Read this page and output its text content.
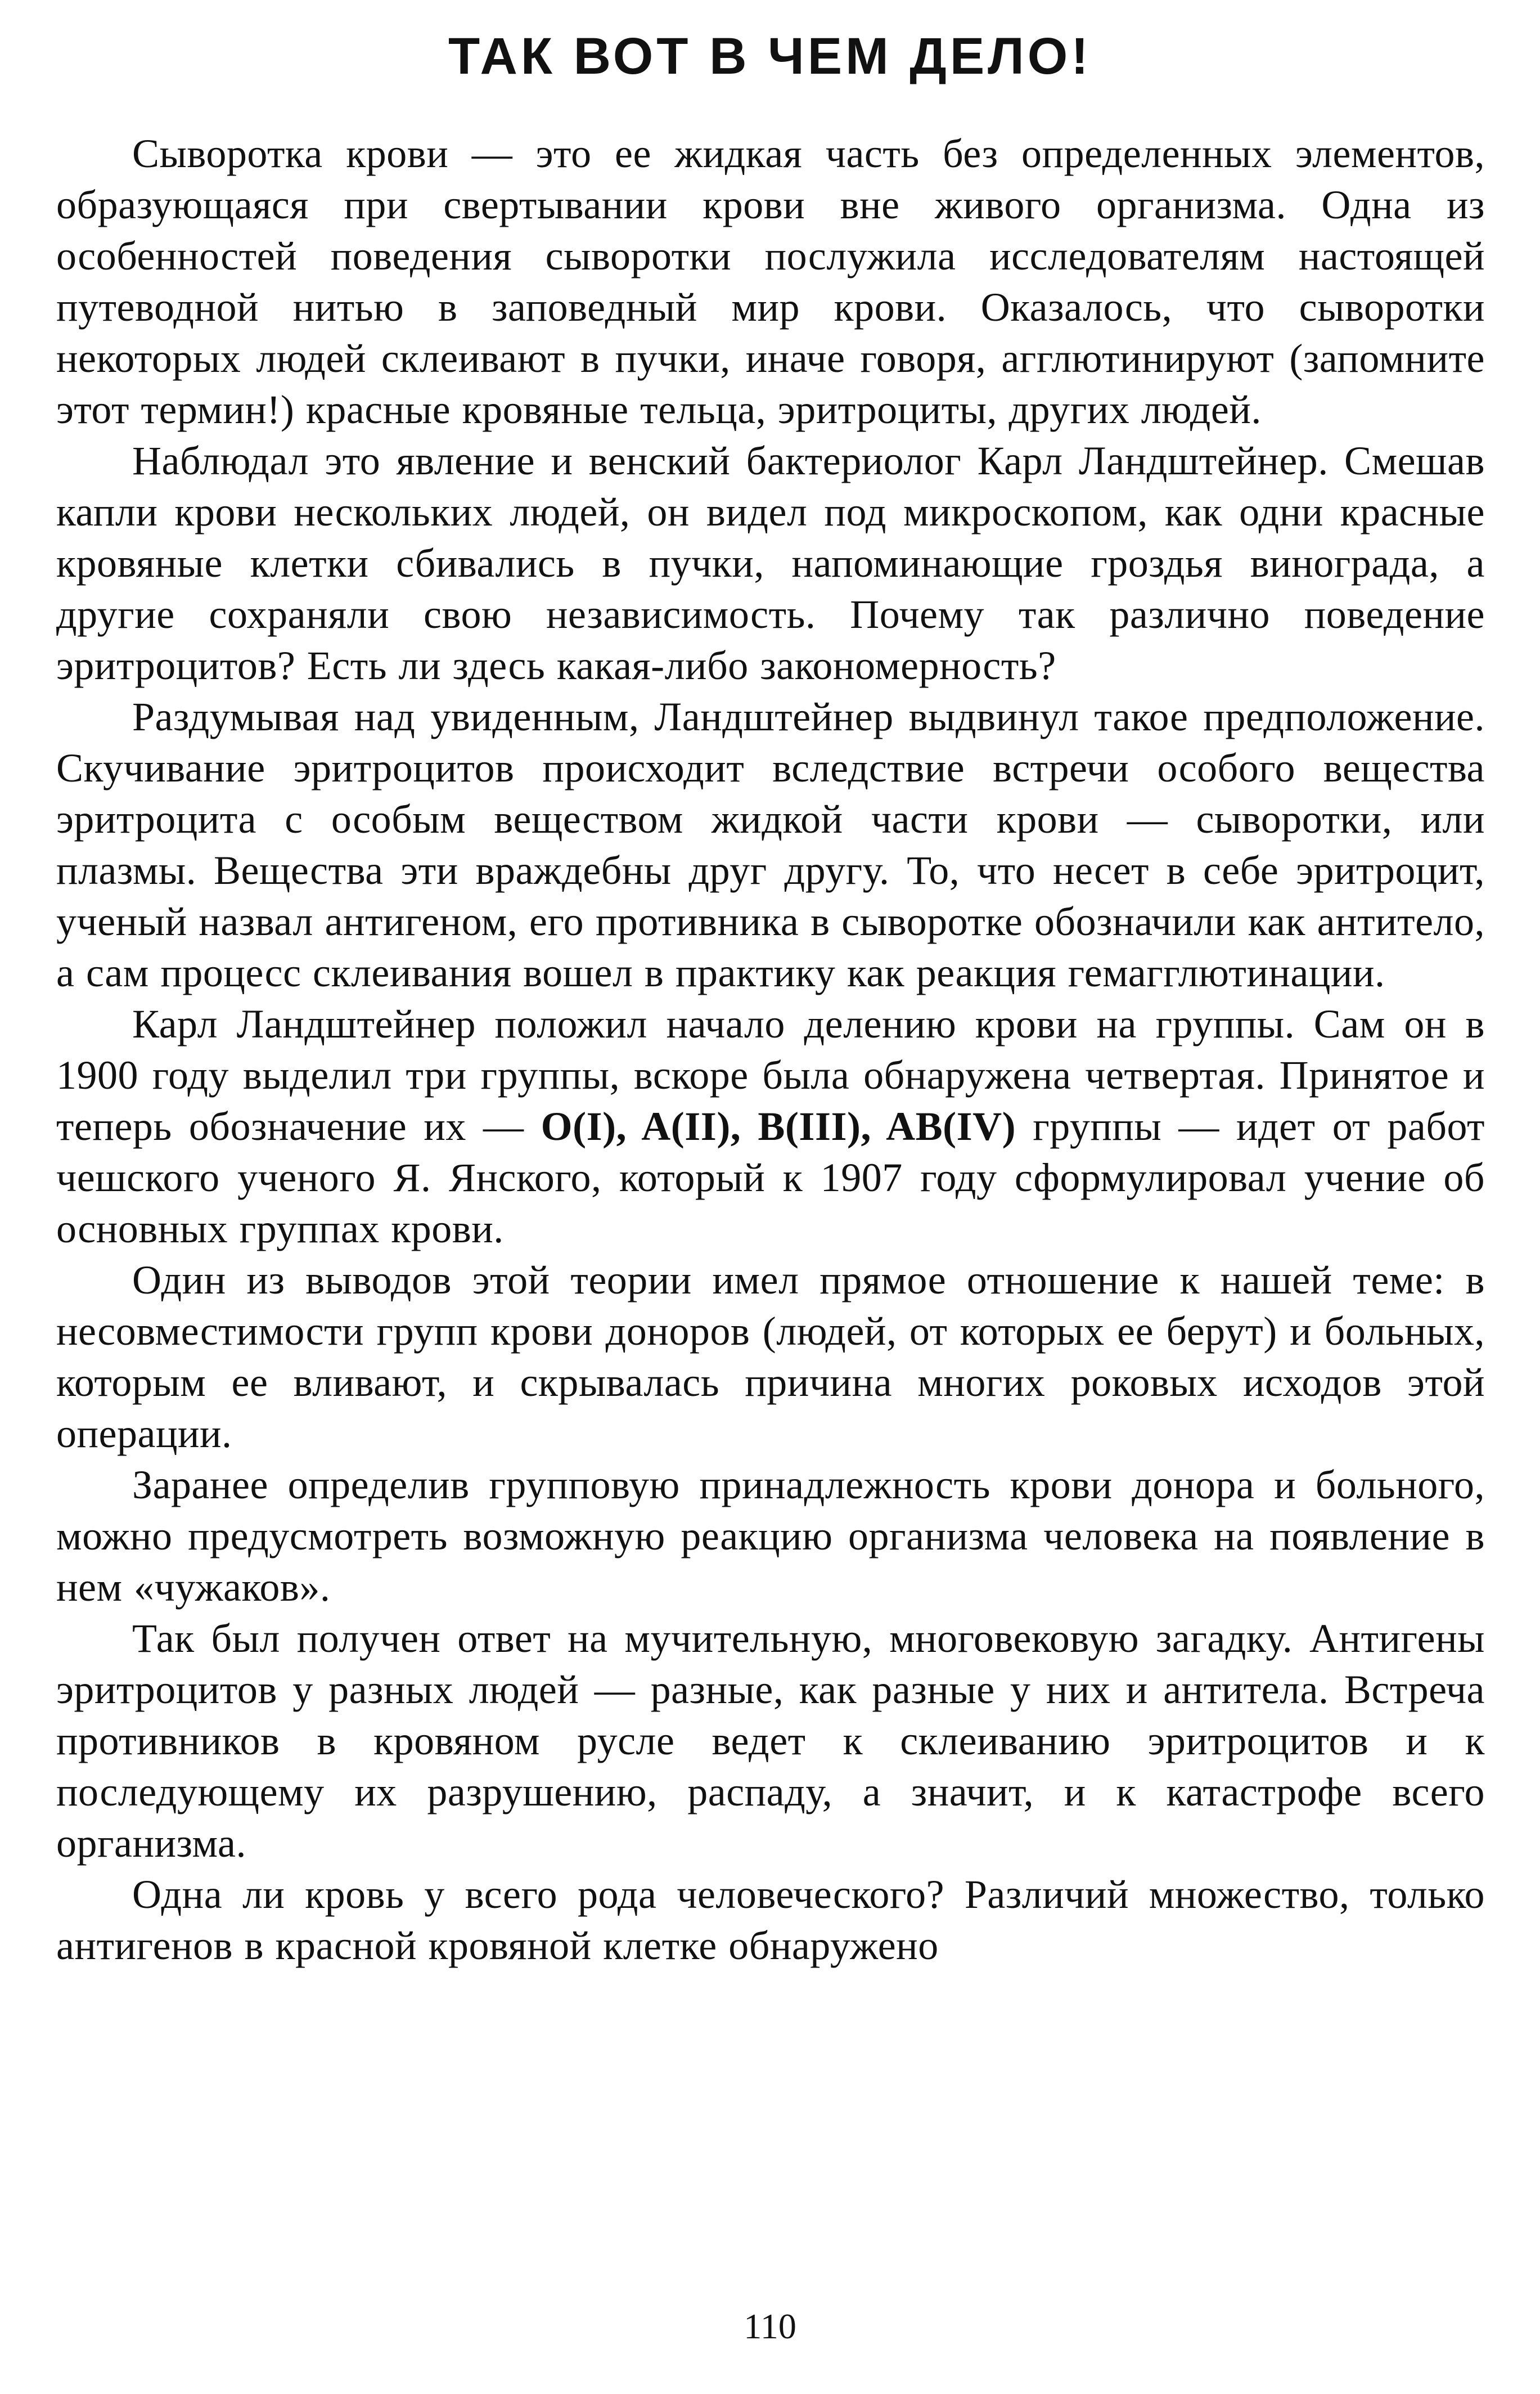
ТАК ВОТ В ЧЕМ ДЕЛО!

Сыворотка крови — это ее жидкая часть без определенных элементов, образующаяся при свертывании крови вне живого организма. Одна из особенностей поведения сыворотки послужила исследователям настоящей путеводной нитью в заповедный мир крови. Оказалось, что сыворотки некоторых людей склеивают в пучки, иначе говоря, агглютинируют (запомните этот термин!) красные кровяные тельца, эритроциты, других людей.

Наблюдал это явление и венский бактериолог Карл Ландштейнер. Смешав капли крови нескольких людей, он видел под микроскопом, как одни красные кровяные клетки сбивались в пучки, напоминающие гроздья винограда, а другие сохраняли свою независимость. Почему так различно поведение эритроцитов? Есть ли здесь какая-либо закономерность?

Раздумывая над увиденным, Ландштейнер выдвинул такое предположение. Скучивание эритроцитов происходит вследствие встречи особого вещества эритроцита с особым веществом жидкой части крови — сыворотки, или плазмы. Вещества эти враждебны друг другу. То, что несет в себе эритроцит, ученый назвал антигеном, его противника в сыворотке обозначили как антитело, а сам процесс склеивания вошел в практику как реакция гемагглютинации.

Карл Ландштейнер положил начало делению крови на группы. Сам он в 1900 году выделил три группы, вскоре была обнаружена четвертая. Принятое и теперь обозначение их — O(I), A(II), B(III), AB(IV) группы — идет от работ чешского ученого Я. Янского, который к 1907 году сформулировал учение об основных группах крови.

Один из выводов этой теории имел прямое отношение к нашей теме: в несовместимости групп крови доноров (людей, от которых ее берут) и больных, которым ее вливают, и скрывалась причина многих роковых исходов этой операции.

Заранее определив групповую принадлежность крови донора и больного, можно предусмотреть возможную реакцию организма человека на появление в нем «чужаков».

Так был получен ответ на мучительную, многовековую загадку. Антигены эритроцитов у разных людей — разные, как разные у них и антитела. Встреча противников в кровяном русле ведет к склеиванию эритроцитов и к последующему их разрушению, распаду, а значит, и к катастрофе всего организма.

Одна ли кровь у всего рода человеческого? Различий множество, только антигенов в красной кровяной клетке обнаружено

110
